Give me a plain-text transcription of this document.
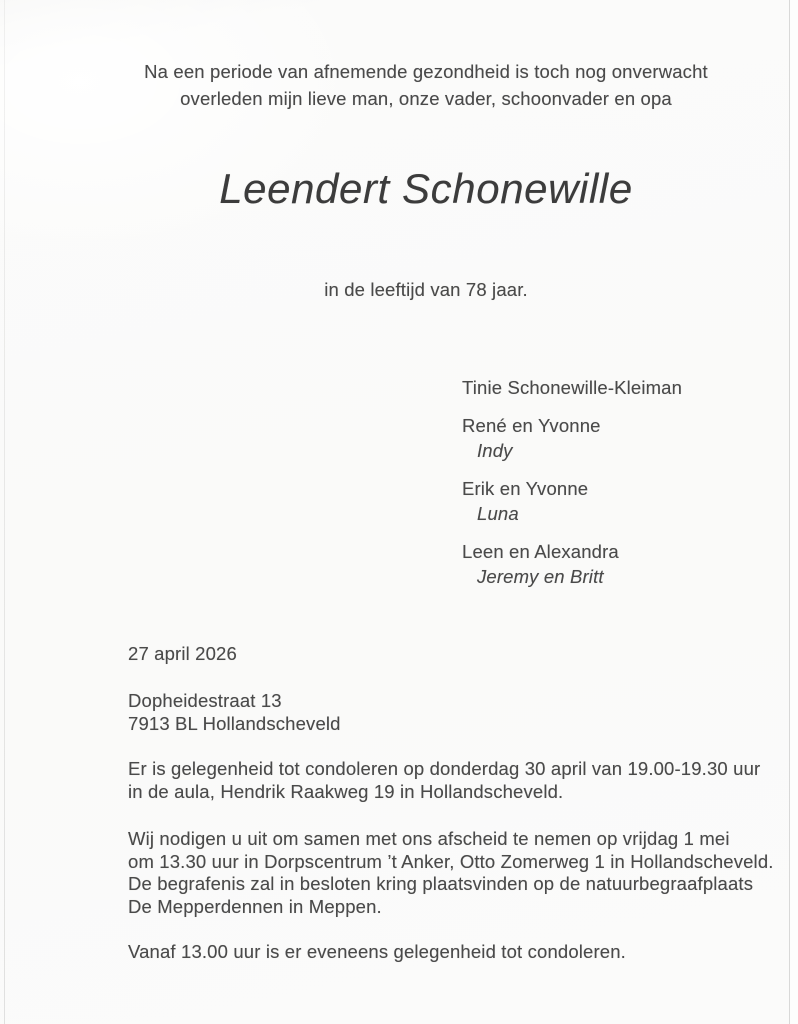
Na een periode van afnemende gezondheid is toch nog onverwacht
overleden mijn lieve man, onze vader, schoonvader en opa
Leendert Schonewille
in de leeftijd van 78 jaar.
Tinie Schonewille-Kleiman
René en Yvonne
Indy
Erik en Yvonne
Luna
Leen en Alexandra
Jeremy en Britt
27 april 2026
Dopheidestraat 13
7913 BL Hollandscheveld
Er is gelegenheid tot condoleren op donderdag 30 april van 19.00-19.30 uur
in de aula, Hendrik Raakweg 19 in Hollandscheveld.
Wij nodigen u uit om samen met ons afscheid te nemen op vrijdag 1 mei
om 13.30 uur in Dorpscentrum ’t Anker, Otto Zomerweg 1 in Hollandscheveld.
De begrafenis zal in besloten kring plaatsvinden op de natuurbegraafplaats
De Mepperdennen in Meppen.
Vanaf 13.00 uur is er eveneens gelegenheid tot condoleren.
